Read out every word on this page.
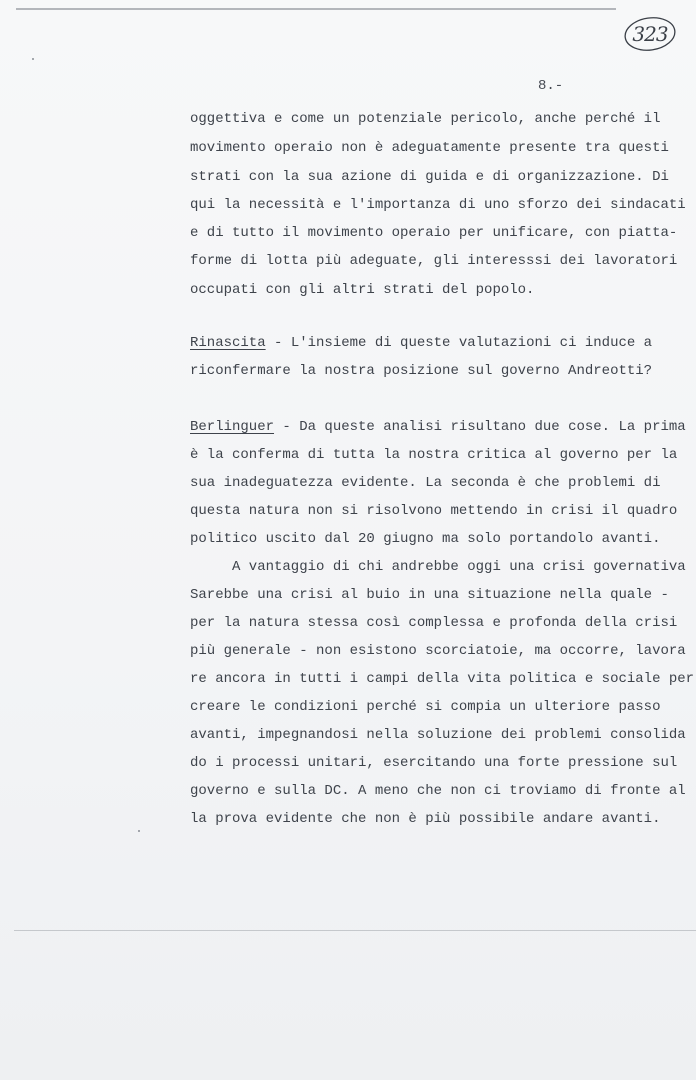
323
8.-
oggettiva e come un potenziale pericolo, anche perché il
movimento operaio non è adeguatamente presente tra questi
strati con la sua azione di guida e di organizzazione. Di
qui la necessità e l'importanza di uno sforzo dei sindacati
e di tutto il movimento operaio per unificare, con piatta-
forme di lotta più adeguate, gli interesssi dei lavoratori
occupati con gli altri strati del popolo.
Rinascita - L'insieme di queste valutazioni ci induce a
riconfermare la nostra posizione sul governo Andreotti?
Berlinguer - Da queste analisi risultano due cose. La prima
è la conferma di tutta la nostra critica al governo per la
sua inadeguatezza evidente. La seconda è che problemi di
questa natura non si risolvono mettendo in crisi il quadro
politico uscito dal 20 giugno ma solo portandolo avanti.
A vantaggio di chi andrebbe oggi una crisi governativa
Sarebbe una crisi al buio in una situazione nella quale -
per la natura stessa così complessa e profonda della crisi
più generale - non esistono scorciatoie, ma occorre, lavora
re ancora in tutti i campi della vita politica e sociale per
creare le condizioni perché si compia un ulteriore passo
avanti, impegnandosi nella soluzione dei problemi consolida
do i processi unitari, esercitando una forte pressione sul
governo e sulla DC. A meno che non ci troviamo di fronte al
la prova evidente che non è più possibile andare avanti.
